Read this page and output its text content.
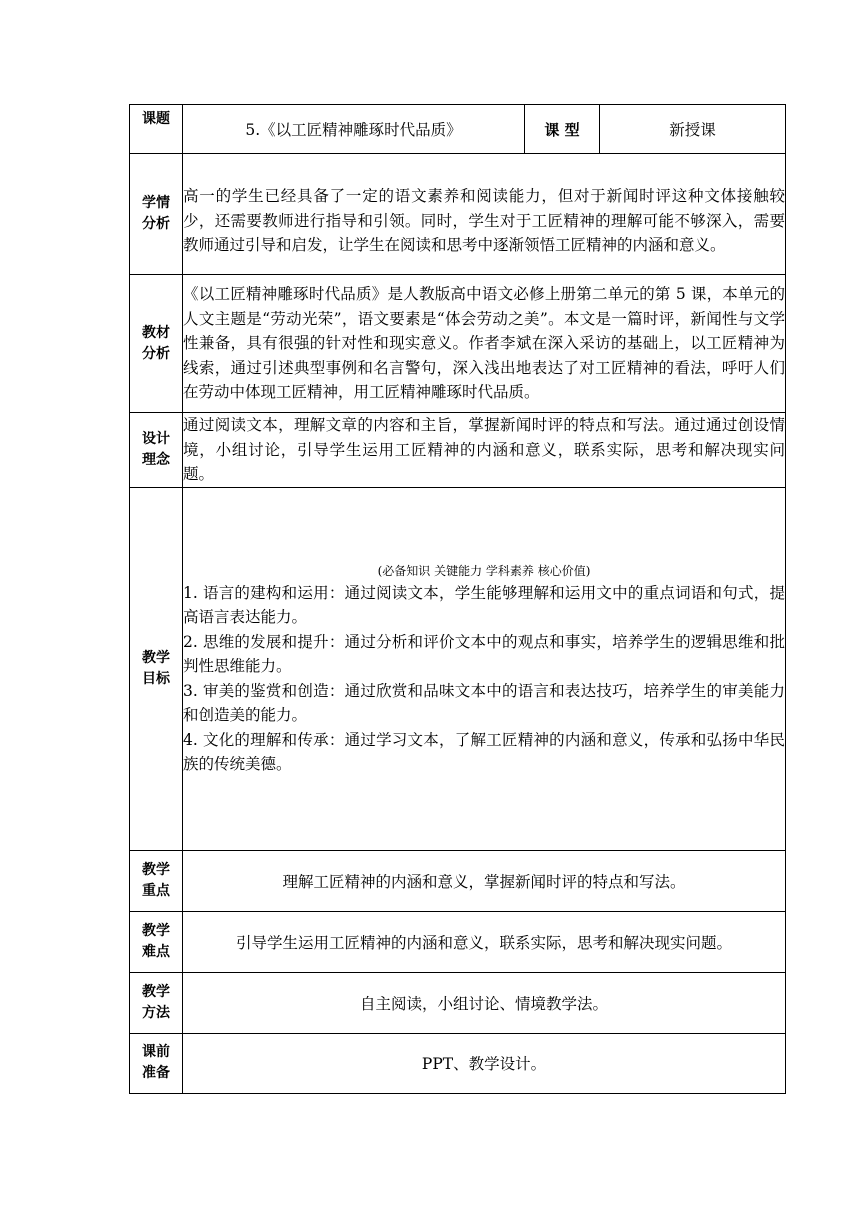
课题	5.《以工匠精神雕琢时代品质》	课 型	新授课

学情
分析	高一的学生已经具备了一定的语文素养和阅读能力，但对于新闻时评这种文体接触较少，还需要教师进行指导和引领。同时，学生对于工匠精神的理解可能不够深入，需要教师通过引导和启发，让学生在阅读和思考中逐渐领悟工匠精神的内涵和意义。		

教材
分析	《以工匠精神雕琢时代品质》是人教版高中语文必修上册第二单元的第 5 课，本单元的人文主题是“劳动光荣”，语文要素是“体会劳动之美”。本文是一篇时评，新闻性与文学性兼备，具有很强的针对性和现实意义。作者李斌在深入采访的基础上，以工匠精神为线索，通过引述典型事例和名言警句，深入浅出地表达了对工匠精神的看法，呼吁人们在劳动中体现工匠精神，用工匠精神雕琢时代品质。		

设计
理念	通过阅读文本，理解文章的内容和主旨，掌握新闻时评的特点和写法。通过通过创设情境，小组讨论，引导学生运用工匠精神的内涵和意义，联系实际，思考和解决现实问题。		

教学
目标	(必备知识 关键能力 学科素养 核心价值)
1. 语言的建构和运用：通过阅读文本，学生能够理解和运用文中的重点词语和句式，提高语言表达能力。
2. 思维的发展和提升：通过分析和评价文本中的观点和事实，培养学生的逻辑思维和批判性思维能力。
3. 审美的鉴赏和创造：通过欣赏和品味文本中的语言和表达技巧，培养学生的审美能力和创造美的能力。
4. 文化的理解和传承：通过学习文本，了解工匠精神的内涵和意义，传承和弘扬中华民族的传统美德。		

教学
重点	理解工匠精神的内涵和意义，掌握新闻时评的特点和写法。		

教学
难点	引导学生运用工匠精神的内涵和意义，联系实际，思考和解决现实问题。		

教学
方法	自主阅读，小组讨论、情境教学法。		

课前
准备	PPT、教学设计。		
